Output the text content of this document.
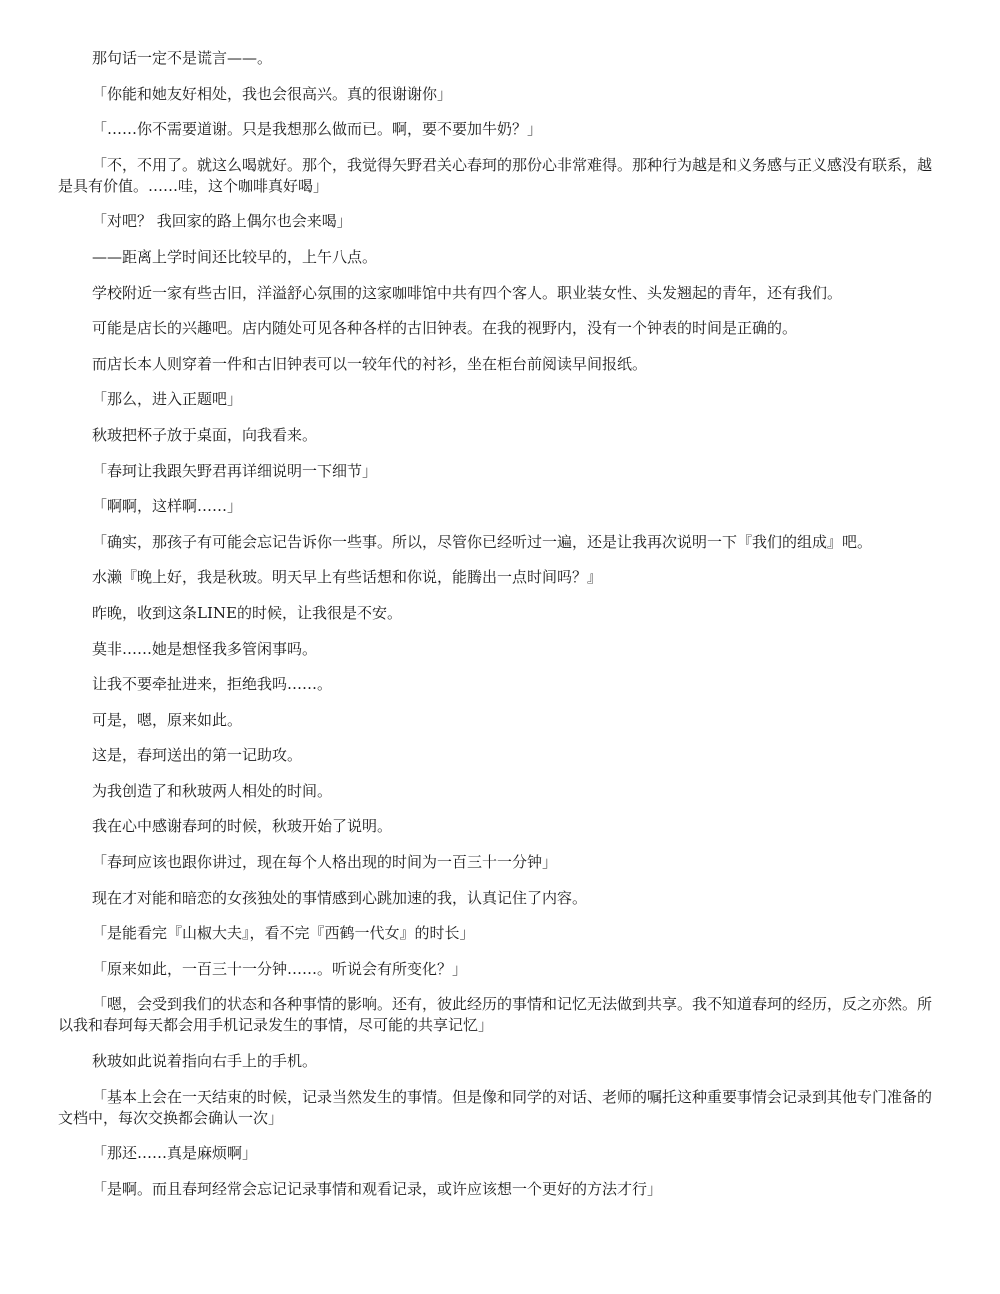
那句话一定不是谎言——。

「你能和她友好相处，我也会很高兴。真的很谢谢你」

「……你不需要道谢。只是我想那么做而已。啊，要不要加牛奶？」

「不，不用了。就这么喝就好。那个，我觉得矢野君关心春珂的那份心非常难得。那种行为越是和义务感与正义感没有联系，越是具有价值。……哇，这个咖啡真好喝」

「对吧？ 我回家的路上偶尔也会来喝」

——距离上学时间还比较早的，上午八点。

学校附近一家有些古旧，洋溢舒心氛围的这家咖啡馆中共有四个客人。职业装女性、头发翘起的青年，还有我们。

可能是店长的兴趣吧。店内随处可见各种各样的古旧钟表。在我的视野内，没有一个钟表的时间是正确的。

而店长本人则穿着一件和古旧钟表可以一较年代的衬衫，坐在柜台前阅读早间报纸。

「那么，进入正题吧」

秋玻把杯子放于桌面，向我看来。

「春珂让我跟矢野君再详细说明一下细节」

「啊啊，这样啊……」

「确实，那孩子有可能会忘记告诉你一些事。所以，尽管你已经听过一遍，还是让我再次说明一下『我们的组成』吧。

水濑『晚上好，我是秋玻。明天早上有些话想和你说，能腾出一点时间吗？』

昨晚，收到这条LINE的时候，让我很是不安。

莫非……她是想怪我多管闲事吗。

让我不要牵扯进来，拒绝我吗……。

可是，嗯，原来如此。

这是，春珂送出的第一记助攻。

为我创造了和秋玻两人相处的时间。

我在心中感谢春珂的时候，秋玻开始了说明。

「春珂应该也跟你讲过，现在每个人格出现的时间为一百三十一分钟」

现在才对能和暗恋的女孩独处的事情感到心跳加速的我，认真记住了内容。

「是能看完『山椒大夫』，看不完『西鹤一代女』的时长」

「原来如此，一百三十一分钟……。听说会有所变化？」

「嗯，会受到我们的状态和各种事情的影响。还有，彼此经历的事情和记忆无法做到共享。我不知道春珂的经历，反之亦然。所以我和春珂每天都会用手机记录发生的事情，尽可能的共享记忆」

秋玻如此说着指向右手上的手机。

「基本上会在一天结束的时候，记录当然发生的事情。但是像和同学的对话、老师的嘱托这种重要事情会记录到其他专门准备的文档中，每次交换都会确认一次」

「那还……真是麻烦啊」

「是啊。而且春珂经常会忘记记录事情和观看记录，或许应该想一个更好的方法才行」
